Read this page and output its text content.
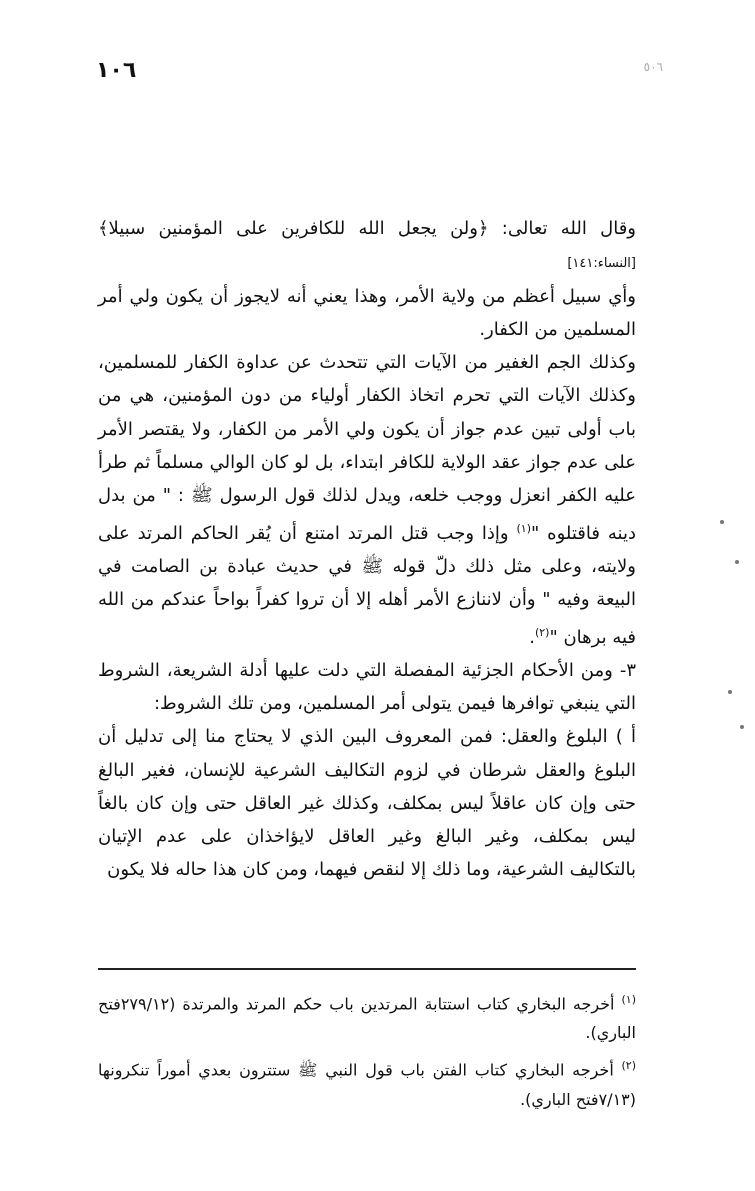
١٠٦	٥٠٦

وقال الله تعالى: ﴿ولن يجعل الله للكافرين على المؤمنين سبيلا﴾ [النساء:١٤١]

وأي سبيل أعظم من ولاية الأمر، وهذا يعني أنه لايجوز أن يكون ولي أمر المسلمين من الكفار.

وكذلك الجم الغفير من الآيات التي تتحدث عن عداوة الكفار للمسلمين، وكذلك الآيات التي تحرم اتخاذ الكفار أولياء من دون المؤمنين، هي من باب أولى تبين عدم جواز أن يكون ولي الأمر من الكفار، ولا يقتصر الأمر على عدم جواز عقد الولاية للكافر ابتداء، بل لو كان الوالي مسلماً ثم طرأ عليه الكفر انعزل ووجب خلعه، ويدل لذلك قول الرسول ﷺ : " من بدل دينه فاقتلوه "$^{(١)}$ وإذا وجب قتل المرتد امتنع أن يُقر الحاكم المرتد على ولايته، وعلى مثل ذلك دلّ قوله ﷺ في حديث عبادة بن الصامت في البيعة وفيه " وأن لاننازع الأمر أهله إلا أن تروا كفراً بواحاً عندكم من الله فيه برهان "$^{(٢)}$.

٣- ومن الأحكام الجزئية المفصلة التي دلت عليها أدلة الشريعة، الشروط التي ينبغي توافرها فيمن يتولى أمر المسلمين، ومن تلك الشروط:

أ ) البلوغ والعقل: فمن المعروف البين الذي لا يحتاج منا إلى تدليل أن البلوغ والعقل شرطان في لزوم التكاليف الشرعية للإنسان، فغير البالغ حتى وإن كان عاقلاً ليس بمكلف، وكذلك غير العاقل حتى وإن كان بالغاً ليس بمكلف، وغير البالغ وغير العاقل لايؤاخذان على عدم الإتيان بالتكاليف الشرعية، وما ذلك إلا لنقص فيهما، ومن كان هذا حاله فلا يكون

$^{(١)}$ أخرجه البخاري كتاب استتابة المرتدين باب حكم المرتد والمرتدة (٢٧٩/١٢فتح الباري).

$^{(٢)}$ أخرجه البخاري كتاب الفتن باب قول النبي ﷺ ستترون بعدي أموراً تنكرونها (٧/١٣فتح الباري).
